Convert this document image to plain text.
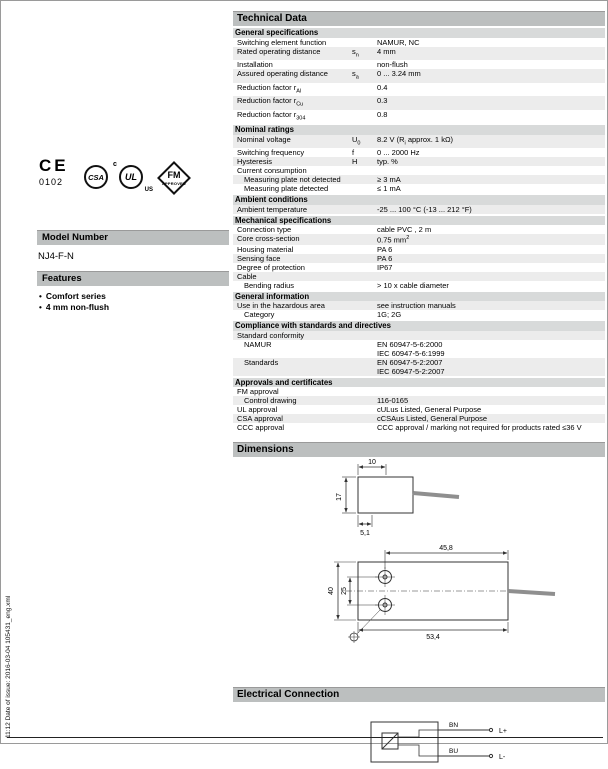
11:12 Date of issue: 2016-03-04 105431_eng.xml
CE
0102	CSA
c
UL
US
FM
APPROVED
Model Number
NJ4-F-N
Features
• Comfort series
• 4 mm non-flush
Technical Data
General specifications
Switching element function	NAMUR, NC
Rated operating distance	$s_n$	4 mm
Installation	non-flush
Assured operating distance	$s_a$	0 ... 3.24 mm
Reduction factor $r_{Al}$	0.4
Reduction factor $r_{Cu}$	0.3
Reduction factor $r_{304}$	0.8
Nominal ratings
Nominal voltage	$U_0$	8.2 V ($R_i$ approx. 1 kΩ)
Switching frequency	f	0 ... 2000 Hz
Hysteresis	H	typ. %
Current consumption
Measuring plate not detected	≥ 3 mA
Measuring plate detected	≤ 1 mA
Ambient conditions
Ambient temperature	-25 ... 100 °C (-13 ... 212 °F)
Mechanical specifications
Connection type	cable PVC , 2 m
Core cross-section	0.75 $mm^2$
Housing material	PA 6
Sensing face	PA 6
Degree of protection	IP67
Cable
Bending radius	> 10 x cable diameter
General information
Use in the hazardous area	see instruction manuals
Category	1G; 2G
Compliance with standards and directives
Standard conformity
NAMUR	EN 60947-5-6:2000
IEC 60947-5-6:1999
Standards	EN 60947-5-2:2007
IEC 60947-5-2:2007
Approvals and certificates
FM approval
Control drawing	116-0165
UL approval	cULus Listed, General Purpose
CSA approval	cCSAus Listed, General Purpose
CCC approval	CCC approval / marking not required for products rated ≤36 V
Dimensions
10
17
5,1
45,8
40 25
53,4
Electrical Connection
BN
BU
L+
L-
